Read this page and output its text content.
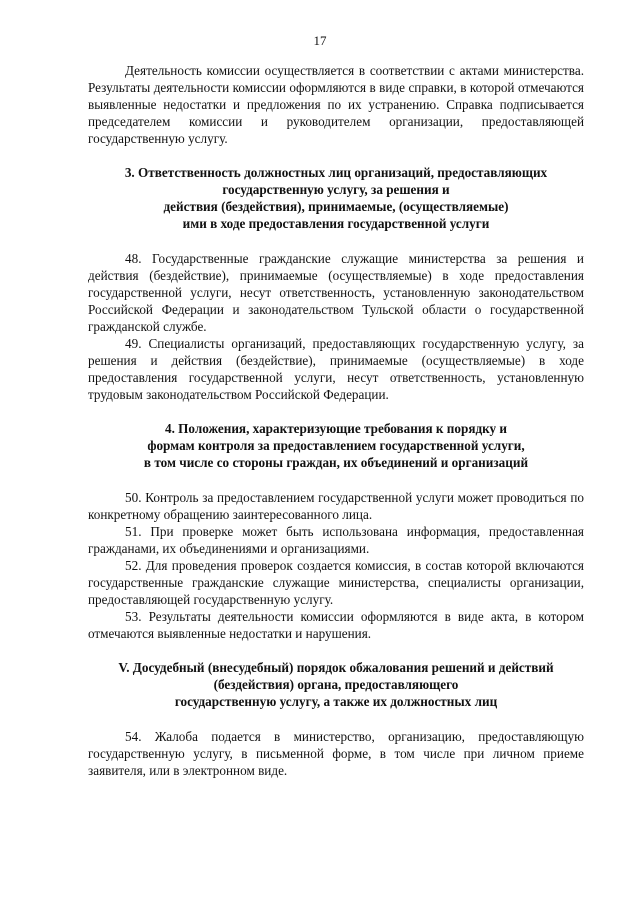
17

Деятельность комиссии осуществляется в соответствии с актами министерства. Результаты деятельности комиссии оформляются в виде справки, в которой отмечаются выявленные недостатки и предложения по их устранению. Справка подписывается председателем комиссии и руководителем организации, предоставляющей государственную услугу.

3. Ответственность должностных лиц организаций, предоставляющих
государственную услугу, за решения и
действия (бездействия), принимаемые, (осуществляемые)
ими в ходе предоставления государственной услуги

48. Государственные гражданские служащие министерства за решения и действия (бездействие), принимаемые (осуществляемые) в ходе предоставления государственной услуги, несут ответственность, установленную законодательством Российской Федерации и законодательством Тульской области о государственной гражданской службе.

49. Специалисты организаций, предоставляющих государственную услугу, за решения и действия (бездействие), принимаемые (осуществляемые) в ходе предоставления государственной услуги, несут ответственность, установленную трудовым законодательством Российской Федерации.

4. Положения, характеризующие требования к порядку и
формам контроля за предоставлением государственной услуги,
в том числе со стороны граждан, их объединений и организаций

50. Контроль за предоставлением государственной услуги может проводиться по конкретному обращению заинтересованного лица.

51. При проверке может быть использована информация, предоставленная гражданами, их объединениями и организациями.

52. Для проведения проверок создается комиссия, в состав которой включаются государственные гражданские служащие министерства, специалисты организации, предоставляющей государственную услугу.

53. Результаты деятельности комиссии оформляются в виде акта, в котором отмечаются выявленные недостатки и нарушения.

V. Досудебный (внесудебный) порядок обжалования решений и действий
(бездействия) органа, предоставляющего
государственную услугу, а также их должностных лиц

54. Жалоба подается в министерство, организацию, предоставляющую государственную услугу, в письменной форме, в том числе при личном приеме заявителя, или в электронном виде.
